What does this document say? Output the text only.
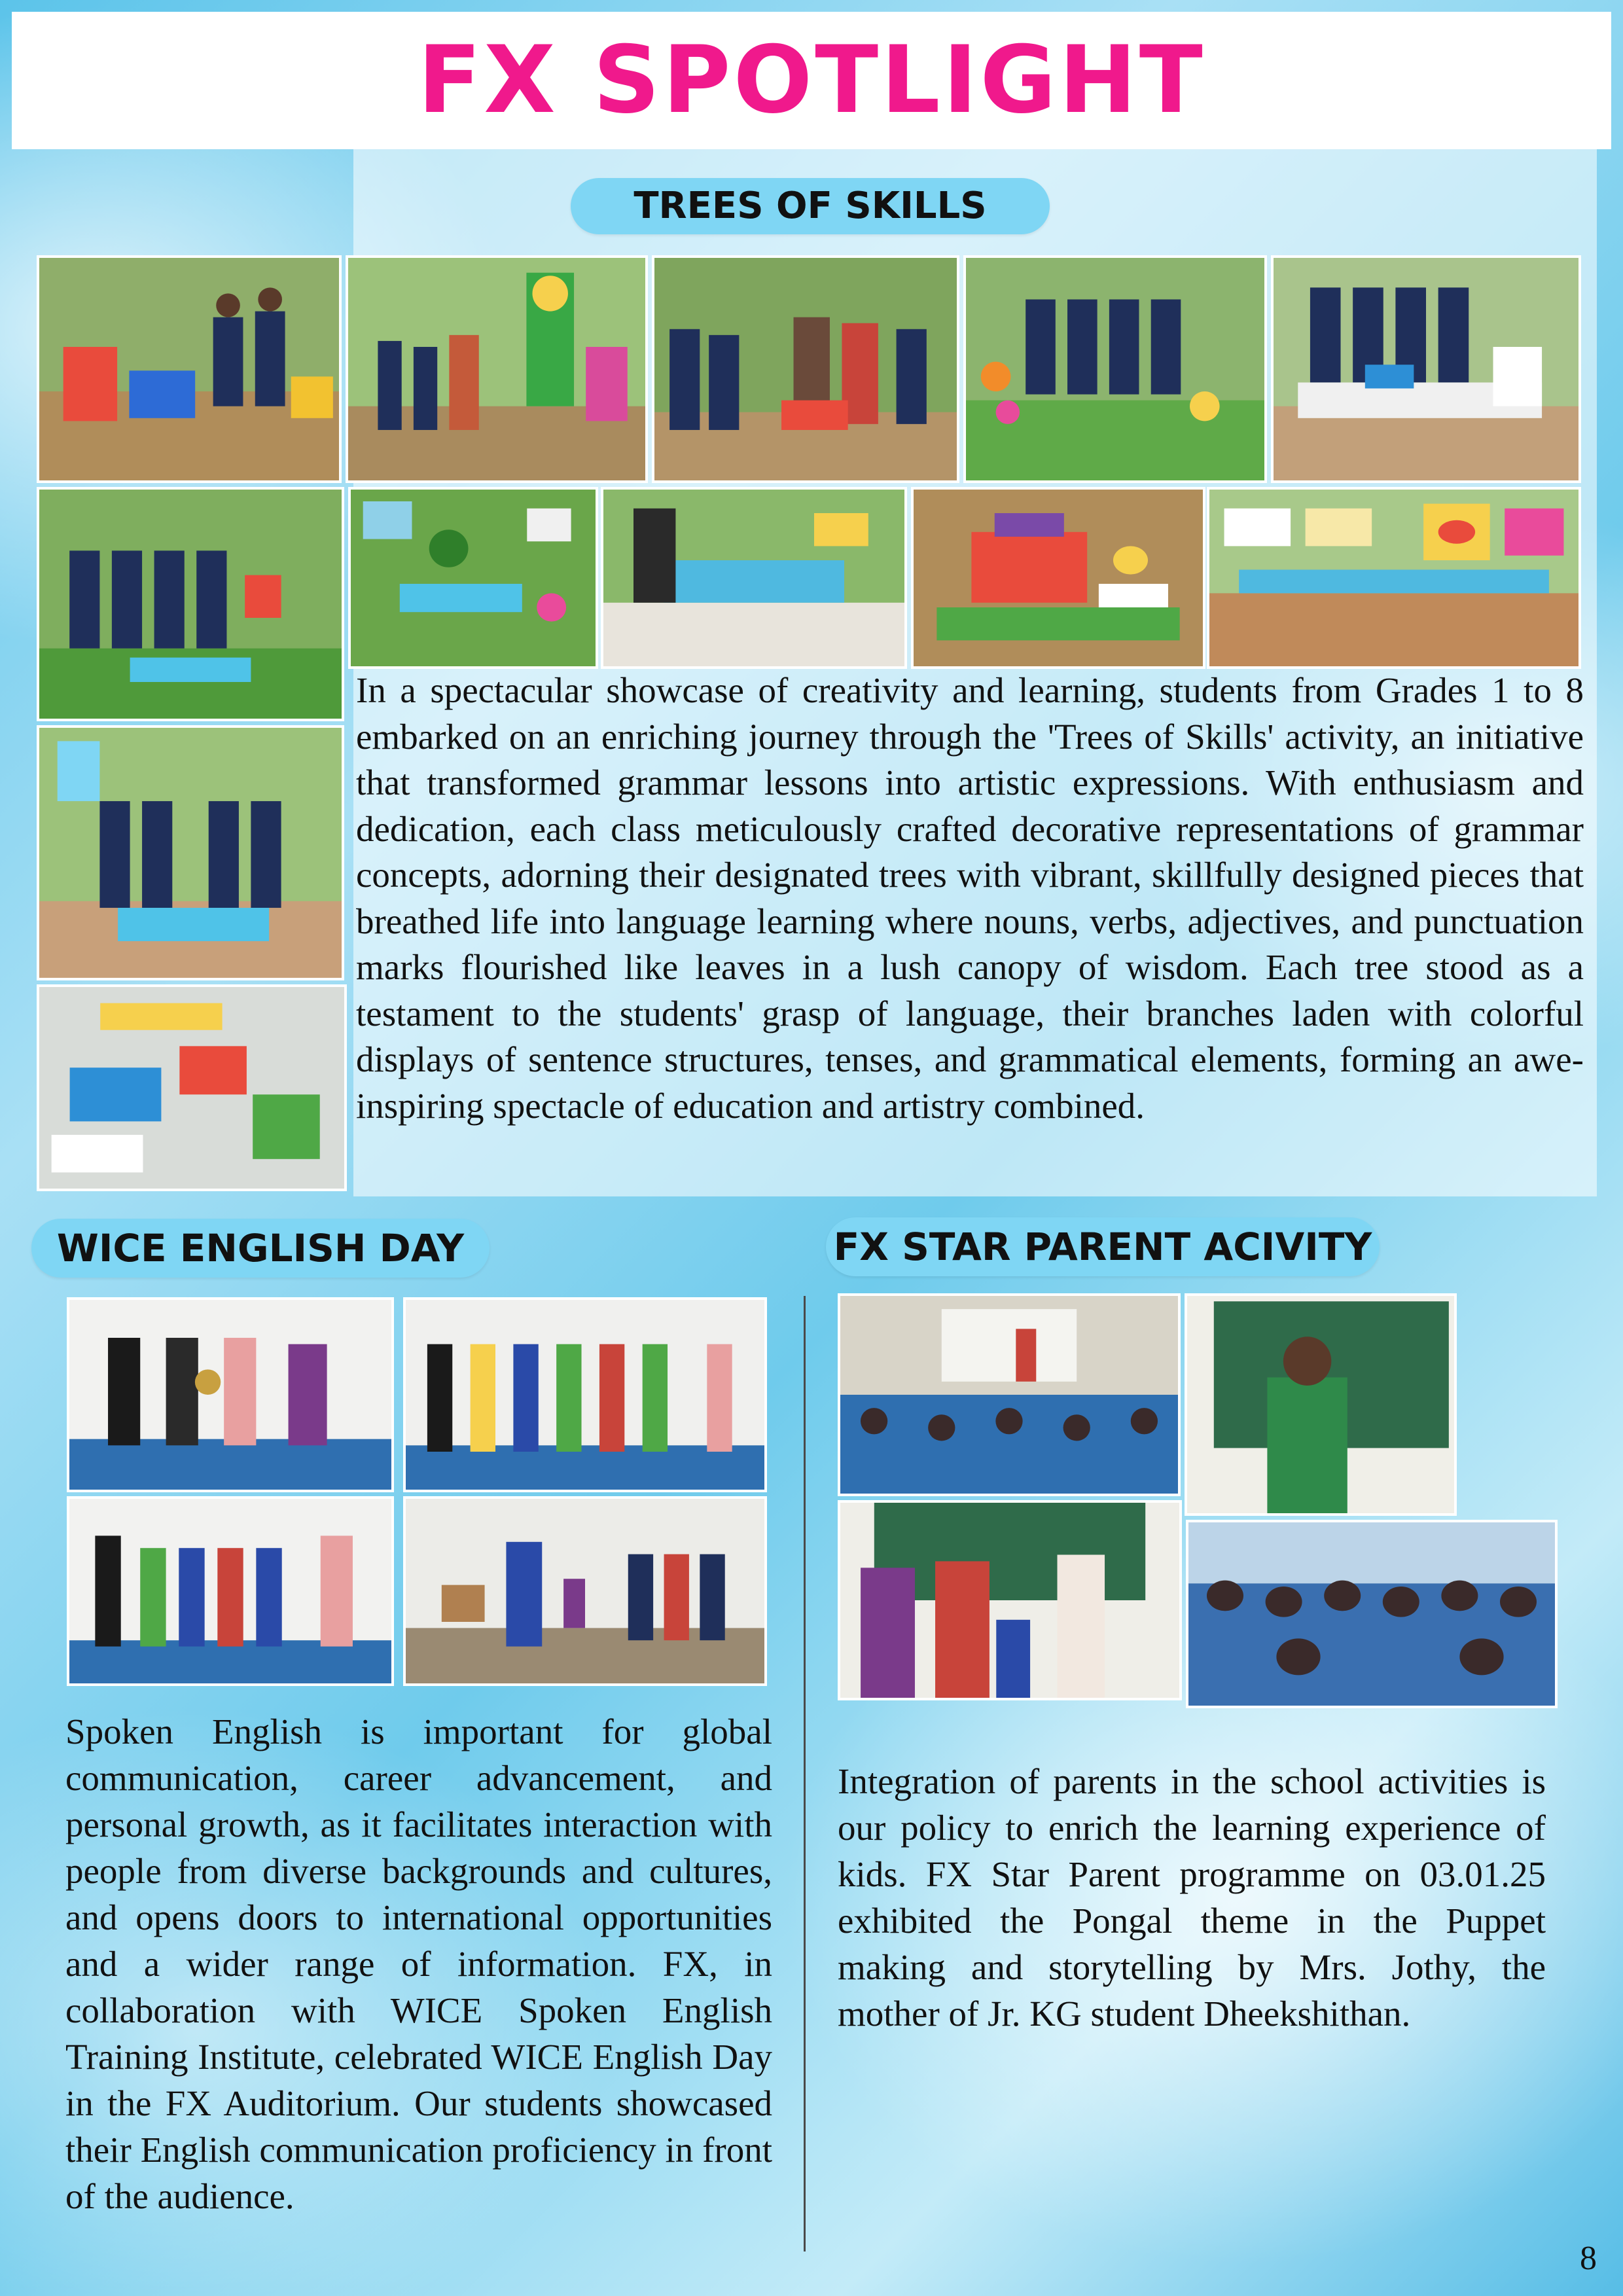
FX SPOTLIGHT
TREES OF SKILLS

In a spectacular showcase of creativity and learning, students from Grades 1 to 8 embarked on an enriching journey through the 'Trees of Skills' activity, an initiative that transformed grammar lessons into artistic expressions. With enthusiasm and dedication, each class meticulously crafted decorative representations of grammar concepts, adorning their designated trees with vibrant, skillfully designed pieces that breathed life into language learning where nouns, verbs, adjectives, and punctuation marks flourished like leaves in a lush canopy of wisdom. Each tree stood as a testament to the students' grasp of language, their branches laden with colorful displays of sentence structures, tenses, and grammatical elements, forming an awe-inspiring spectacle of education and artistry combined.

WICE ENGLISH DAY

Spoken English is important for global communication, career advancement, and personal growth, as it facilitates interaction with people from diverse backgrounds and cultures, and opens doors to international opportunities and a wider range of information. FX, in collaboration with WICE Spoken English Training Institute, celebrated WICE English Day in the FX Auditorium. Our students showcased their English communication proficiency in front of the audience.

FX STAR PARENT ACIVITY

Integration of parents in the school activities is our policy to enrich the learning experience of kids. FX Star Parent programme on 03.01.25 exhibited the Pongal theme in the Puppet making and storytelling by Mrs. Jothy, the mother of Jr. KG student Dheekshithan.

8
